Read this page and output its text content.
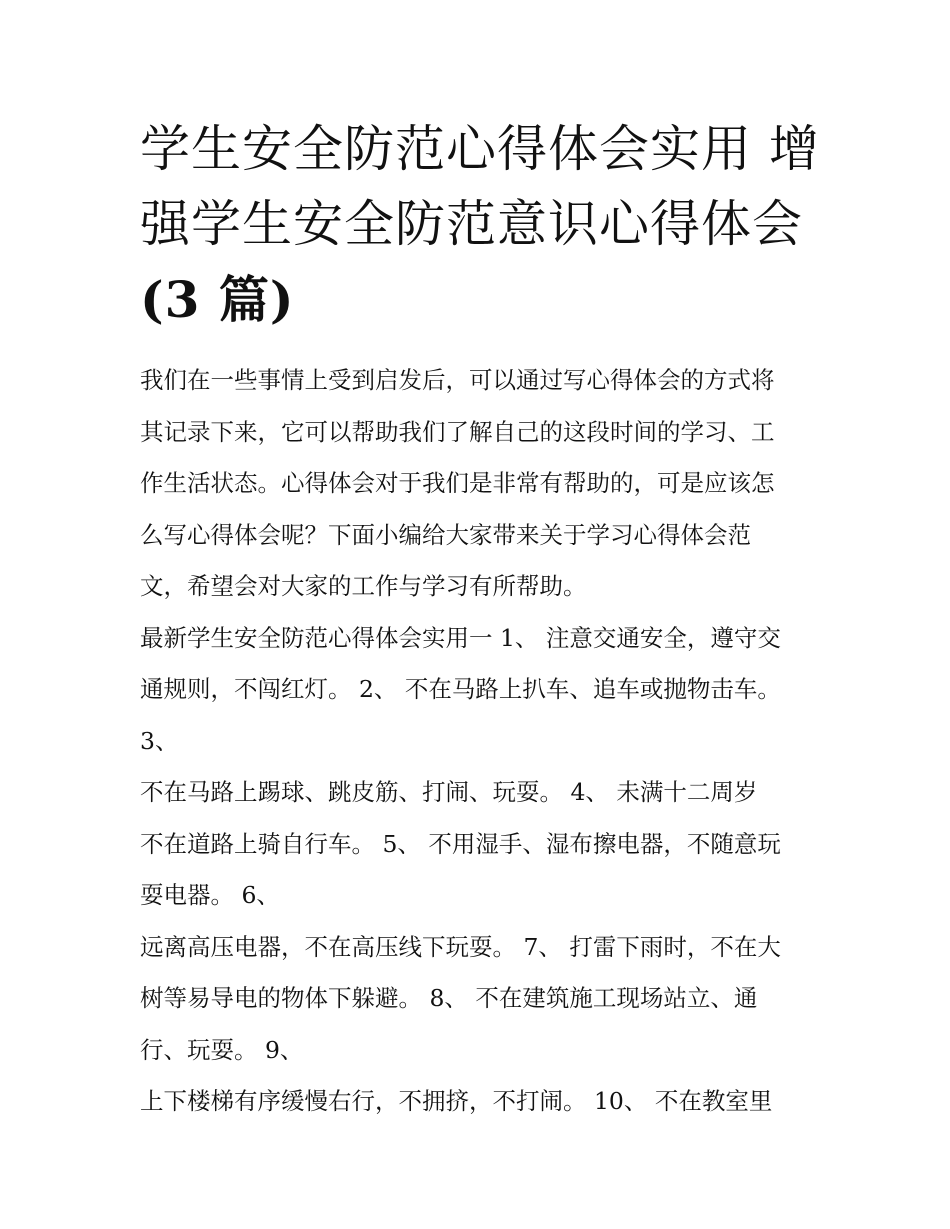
学生安全防范心得体会实用 增
强学生安全防范意识心得体会
(3 篇)

我们在一些事情上受到启发后，可以通过写心得体会的方式将
其记录下来，它可以帮助我们了解自己的这段时间的学习、工
作生活状态。心得体会对于我们是非常有帮助的，可是应该怎
么写心得体会呢？下面小编给大家带来关于学习心得体会范
文，希望会对大家的工作与学习有所帮助。

最新学生安全防范心得体会实用一 1、 注意交通安全，遵守交
通规则，不闯红灯。 2、 不在马路上扒车、追车或抛物击车。
3、

不在马路上踢球、跳皮筋、打闹、玩耍。 4、 未满十二周岁
不在道路上骑自行车。 5、 不用湿手、湿布擦电器，不随意玩
耍电器。 6、

远离高压电器，不在高压线下玩耍。 7、 打雷下雨时，不在大
树等易导电的物体下躲避。 8、 不在建筑施工现场站立、通
行、玩耍。 9、

上下楼梯有序缓慢右行，不拥挤，不打闹。 10、 不在教室里
